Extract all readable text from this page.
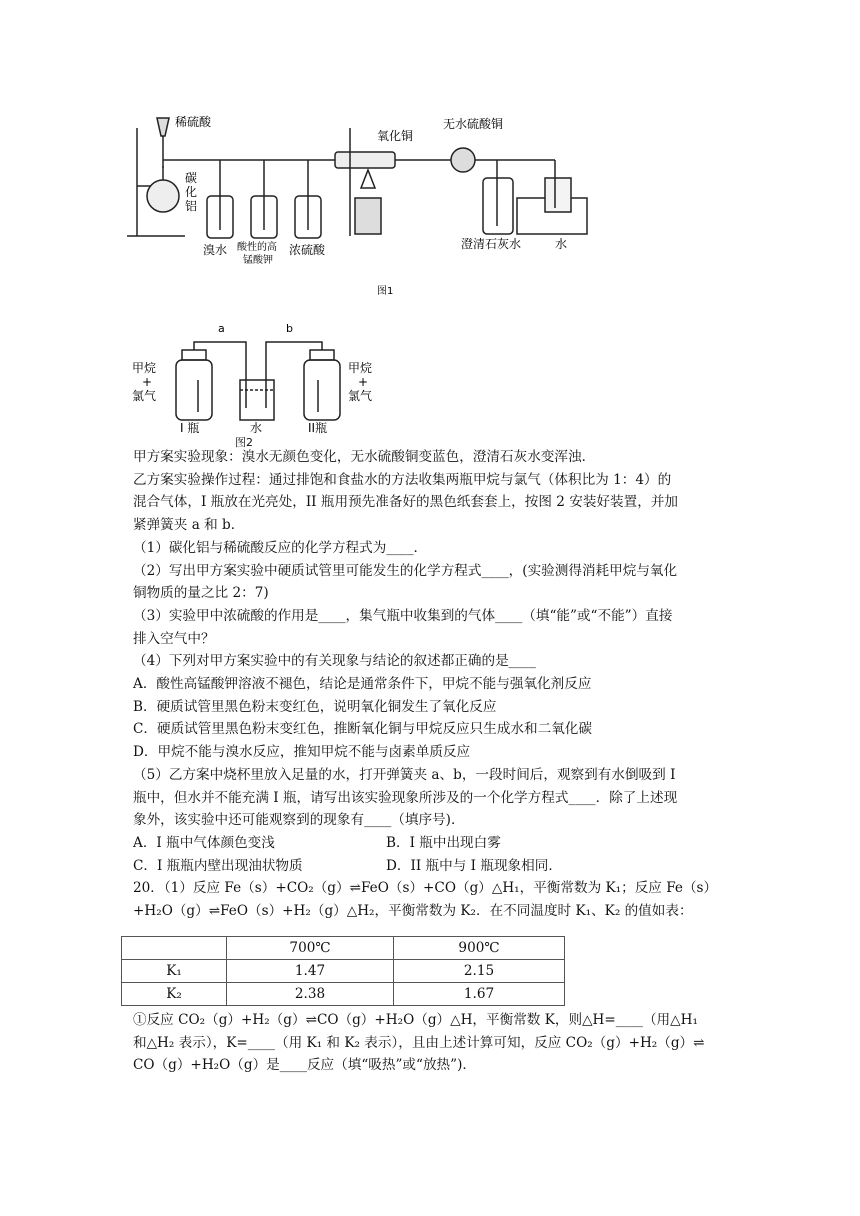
稀硫酸
碳
化
铝
氧化铜
无水硫酸铜
溴水 酸性的高
锰酸钾
浓硫酸	澄清石灰水	水
图1
a	b
甲烷
+
氯气
甲烷
+
氯气
I 瓶	水	II瓶
图2

甲方案实验现象：溴水无颜色变化，无水硫酸铜变蓝色，澄清石灰水变浑浊．

乙方案实验操作过程：通过排饱和食盐水的方法收集两瓶甲烷与氯气（体积比为 1：4）的

混合气体，I 瓶放在光亮处，II 瓶用预先准备好的黑色纸套套上，按图 2 安装好装置，并加

紧弹簧夹 a 和 b．

（1）碳化铝与稀硫酸反应的化学方程式为____．

（2）写出甲方案实验中硬质试管里可能发生的化学方程式____，(实验测得消耗甲烷与氧化

铜物质的量之比 2：7)

（3）实验甲中浓硫酸的作用是____，集气瓶中收集到的气体____（填“能”或“不能”）直接

排入空气中？

（4）下列对甲方案实验中的有关现象与结论的叙述都正确的是____

A．酸性高锰酸钾溶液不褪色，结论是通常条件下，甲烷不能与强氧化剂反应

B．硬质试管里黑色粉末变红色，说明氧化铜发生了氧化反应

C．硬质试管里黑色粉末变红色，推断氧化铜与甲烷反应只生成水和二氧化碳

D．甲烷不能与溴水反应，推知甲烷不能与卤素单质反应

（5）乙方案中烧杯里放入足量的水，打开弹簧夹 a、b，一段时间后，观察到有水倒吸到 I

瓶中，但水并不能充满 I 瓶，请写出该实验现象所涉及的一个化学方程式____．除了上述现

象外，该实验中还可能观察到的现象有____（填序号)．

A．I 瓶中气体颜色变浅	B．I 瓶中出现白雾

C．I 瓶瓶内壁出现油状物质	D．II 瓶中与 I 瓶现象相同．

20．（1）反应 Fe（s）+CO₂（g）⇌FeO（s）+CO（g）△H₁，平衡常数为 K₁；反应 Fe（s）

+H₂O（g）⇌FeO（s）+H₂（g）△H₂，平衡常数为 K₂．在不同温度时 K₁、K₂ 的值如表：

	700℃	900℃
K₁	1.47	2.15
K₂	2.38	1.67

①反应 CO₂（g）+H₂（g）⇌CO（g）+H₂O（g）△H，平衡常数 K，则△H=____（用△H₁

和△H₂ 表示），K=____（用 K₁ 和 K₂ 表示），且由上述计算可知，反应 CO₂（g）+H₂（g）⇌

CO（g）+H₂O（g）是____反应（填“吸热”或“放热”)．
